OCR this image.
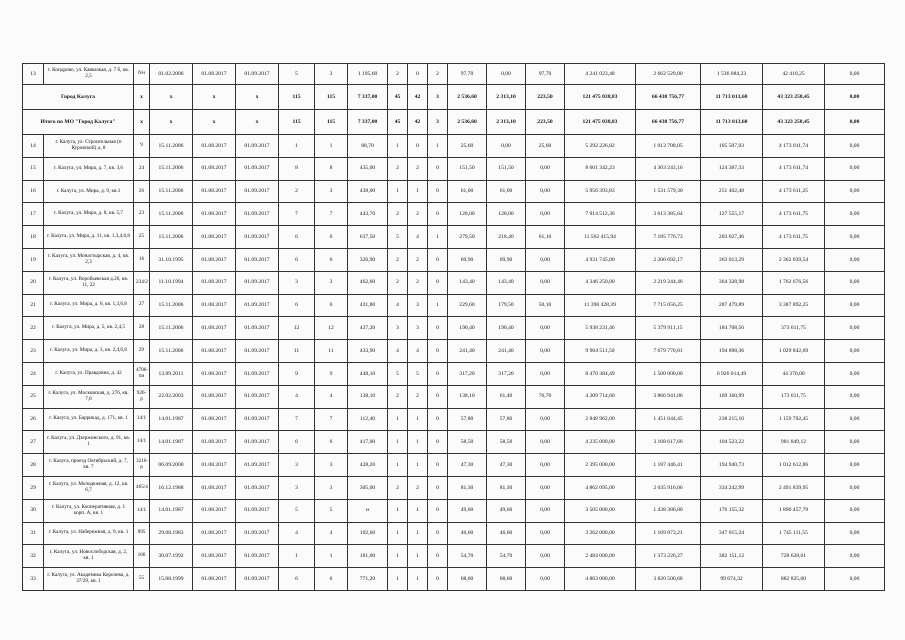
13	г. Кондрово, ул. Кавказкая, д. 7 б, кв. 2,5	б/н	01.02.2006	01.08.2017	01.09.2017	5	3	1 195,60	2	0	2	97,70	0,00	97,70	4 241 023,48	2 662 529,00	1 536 084,23	42 410,25	0,00
Город Калуга		x	x	x	x	115	115	7 337,00	45	42	3	2 536,60	2 313,10	223,50	121 475 038,83	66 438 756,77	11 713 013,60	43 323 258,45	0,00
Итого по МО "Город Калуга"		x	x	x	x	115	115	7 337,00	45	42	3	2 536,60	2 313,10	223,50	121 475 038,83	66 438 756,77	11 713 013,60	43 323 258,45	0,00
14	г. Калуга, ул. Строительная (п Куровской) д. 8	9	15.11.2006	01.08.2017	01.09.2017	1	1	88,70	1	0	1	25,60	0,00	25,60	5 292 226,82	1 013 708,05	105 507,03	4 173 011,74	0,00
15	г. Калуга, ул. Мира, д. 7, кв. 3,6	24	15.11.2006	01.08.2017	01.09.2017	8	8	435,00	2	2	0	151,50	151,50	0,00	8 601 342,23	4 303 243,16	124 387,33	4 173 611,74	0,00
16	г. Калуга, ул. Мира, д. 9, кв.1	26	15.11.2006	01.08.2017	01.09.2017	2	3	438,00	1	1	0	61,00	61,00	0,00	5 956 393,83	1 531 579,30	251 402,48	4 173 611,25	0,00
17	г. Калуга, ул. Мира, д. 8, кв. 5,7	23	15.11.2006	01.08.2017	01.09.2017	7	7	443,70	2	2	0	128,00	128,00	0,00	7 914 512,36	3 613 385,64	127 555,17	4 173 611,75	0,00
18	г. Калуга, ул. Мира, д. 11, кв. 1,3,4,6,8	25	15.11.2006	01.08.2017	01.09.2017	6	6	637,50	5	4	1	279,50	218,40	61,10	11 562 415,94	7 185 776,73	203 027,46	4 173 611,75	0,00
19	г. Калуга, ул. Монастырская, д. 4, кв. 2,3	16	31.10.1995	01.08.2017	01.09.2017	6	6	326,90	2	2	0	69,90	69,90	0,00	4 931 745,00	2 206 692,17	363 013,29	2 362 039,54	0,00
20	г. Калуга, ул. Воробьевская д.26, кв. 11, 22	234/2	11.10.1994	01.08.2017	01.09.2017	3	3	462,60	2	2	0	143,40	143,40	0,00	4 346 250,00	2 219 244,46	364 328,98	1 762 676,56	0,00
21	г. Калуга, ул. Мира, д. 6, кв. 1,3,6,8	27	15.11.2006	01.08.2017	01.09.2017	6	6	431,80	4	3	1	229,60	179,50	50,10	11 390 428,39	7 715 056,25	287 479,89	3 387 892,25	0,00
22	г. Калуга, ул. Мира, д. 5, кв. 2,4,5	28	15.11.2006	01.08.2017	01.09.2017	12	12	437,20	3	3	0	190,40	190,40	0,00	5 938 231,46	5 379 911,15	184 708,56	373 611,75	0,00
23	г. Калуга, ул. Мира, д. 3, кв. 2,4,6,8	29	15.11.2006	01.08.2017	01.09.2017	11	11	433,90	4	4	0	241,40	241,40	0,00	9 904 511,50	7 679 770,81	194 898,36	1 029 842,69	0,00
24	г. Калуга, ул. Правдовна, д. 42	4706-пи	13.09.2011	01.08.2017	01.09.2017	9	9	448,10	5	5	0	317,20	317,20	0,00	8 470 384,49	1 500 000,00	6 926 014,49	44 370,00	0,00
25	г. Калуга, ул. Московская, д. 276, кв. 7,8	926-р	22.02.2003	01.08.2017	01.09.2017	4	4	138,10	2	2	0	138,10	61,40	76,70	4 209 714,60	3 866 941,86	169 160,99	173 611,75	0,00
26	г. Калуга, ул. Баррикад, д. 171, кв. 1	14/1	14.01.1987	01.08.2017	01.09.2017	7	7	112,40	1	1	0	57,80	57,80	0,00	2 848 962,00	1 451 044,45	238 215,10	1 159 702,45	0,00
27	г. Калуга, ул. Дзержинского, д. 91, кв. 1	14/1	14.01.1987	01.08.2017	01.09.2017	6	6	417,00	1	1	0	58,50	58,50	0,00	4 235 000,00	3 168 617,66	104 523,22	981 849,12	0,00
28	г. Калуга, проезд Октябрьский, д. 7, кв. 7	3216-р	06.09.2000	01.08.2017	01.09.2017	3	3	428,20	1	1	0	47,30	47,30	0,00	2 395 000,00	1 187 446,41	194 940,73	1 012 612,86	0,00
29	г. Калуга, ул. Молодежная, д. 12, кв. 6,7	465/4	16.12.1988	01.08.2017	01.09.2017	3	3	305,00	2	2	0	81,30	81,30	0,00	4 862 095,00	2 035 916,06	334 242,99	2 491 839,95	0,00
30	г. Калуга, ул. Кооперативная, д. 1 корп. А, кв. 1	14/1	14.01.1987	01.08.2017	01.09.2017	5	5	н	1	1	0	49,60	49,60	0,00	3 505 000,00	1 438 386,80	176 155,32	1 890 457,79	0,00
31	г. Калуга, ул. Набережная, д. 9, кв. 1	895	29.08.1983	01.08.2017	01.09.2017	4	4	102,60	1	1	0	46,60	46,60	0,00	3 262 000,00	1 169 873,21	347 015,24	1 745 111,55	0,00
32	г. Калуга, ул. Новослободская, д. 2, кв. 1	166	30.07.1992	01.08.2017	01.09.2017	1	1	181,00	1	1	0	54,70	54,70	0,00	2 484 000,00	1 373 226,27	382 151,12	728 628,61	0,00
33	г. Калуга, ул. Академика Королева, д. 37/29, кв. 1	55	15.08.1999	01.08.2017	01.09.2017	6	6	771,20	1	1	0	68,60	68,60	0,00	4 803 000,00	3 820 500,68	99 674,32	882 825,00	0,00
